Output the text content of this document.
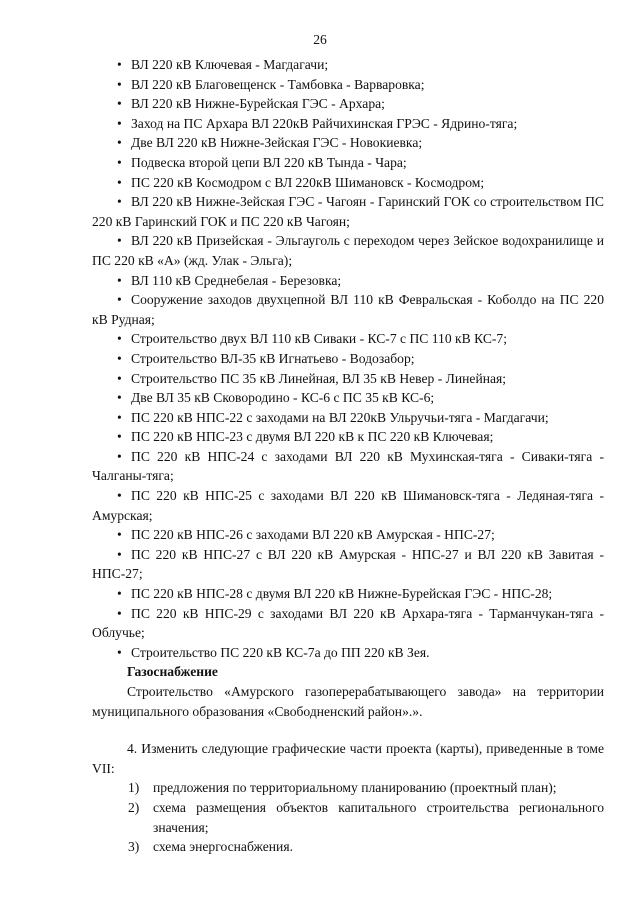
26
• ВЛ 220 кВ Ключевая - Магдагачи;
• ВЛ 220 кВ Благовещенск - Тамбовка - Варваровка;
• ВЛ 220 кВ Нижне-Бурейская ГЭС - Архара;
• Заход на ПС Архара ВЛ 220кВ Райчихинская ГРЭС - Ядрино-тяга;
• Две ВЛ 220 кВ Нижне-Зейская ГЭС - Новокиевка;
• Подвеска второй цепи ВЛ 220 кВ Тында - Чара;
• ПС 220 кВ Космодром с ВЛ 220кВ Шимановск - Космодром;
• ВЛ 220 кВ Нижне-Зейская ГЭС - Чагоян - Гаринский ГОК со строительством ПС 220 кВ Гаринский ГОК и ПС 220 кВ Чагоян;
• ВЛ 220 кВ Призейская - Эльгауголь с переходом через Зейское водохранилище и ПС 220 кВ «А» (жд. Улак - Эльга);
• ВЛ 110 кВ Среднебелая - Березовка;
• Сооружение заходов двухцепной ВЛ 110 кВ Февральская - Коболдо на ПС 220 кВ Рудная;
• Строительство двух ВЛ 110 кВ Сиваки - КС-7 с ПС 110 кВ КС-7;
• Строительство ВЛ-35 кВ Игнатьево - Водозабор;
• Строительство ПС 35 кВ Линейная, ВЛ 35 кВ Невер - Линейная;
• Две ВЛ 35 кВ Сковородино - КС-6 с ПС 35 кВ КС-6;
• ПС 220 кВ НПС-22 с заходами на ВЛ 220кВ Ульручьи-тяга - Магдагачи;
• ПС 220 кВ НПС-23 с двумя ВЛ 220 кВ к ПС 220 кВ Ключевая;
• ПС 220 кВ НПС-24 с заходами ВЛ 220 кВ Мухинская-тяга - Сиваки-тяга - Чалганы-тяга;
• ПС 220 кВ НПС-25 с заходами ВЛ 220 кВ Шимановск-тяга - Ледяная-тяга - Амурская;
• ПС 220 кВ НПС-26 с заходами ВЛ 220 кВ Амурская - НПС-27;
• ПС 220 кВ НПС-27 с ВЛ 220 кВ Амурская - НПС-27 и ВЛ 220 кВ Завитая - НПС-27;
• ПС 220 кВ НПС-28 с двумя ВЛ 220 кВ Нижне-Бурейская ГЭС - НПС-28;
• ПС 220 кВ НПС-29 с заходами ВЛ 220 кВ Архара-тяга - Тарманчукан-тяга - Облучье;
• Строительство ПС 220 кВ КС-7а до ПП 220 кВ Зея.
Газоснабжение
Строительство «Амурского газоперерабатывающего завода» на территории муниципального образования «Свободненский район».».
4. Изменить следующие графические части проекта (карты), приведенные в томе VII:
1) предложения по территориальному планированию (проектный план);
2) схема размещения объектов капитального строительства регионального значения;
3) схема энергоснабжения.
